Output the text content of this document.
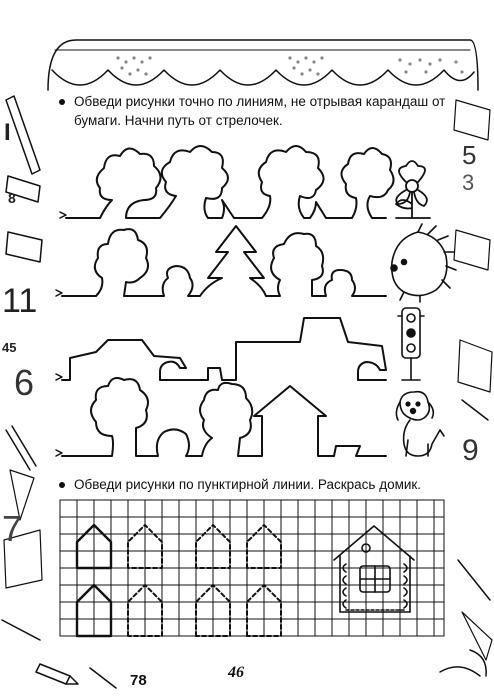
I
8
11
45
6
7
5
3
9
Обведи рисунки точно по линиям, не отрывая карандаш от
бумаги. Начни путь от стрелочек.
Обведи рисунки по пунктирной линии. Раскрась домик.
46
78
